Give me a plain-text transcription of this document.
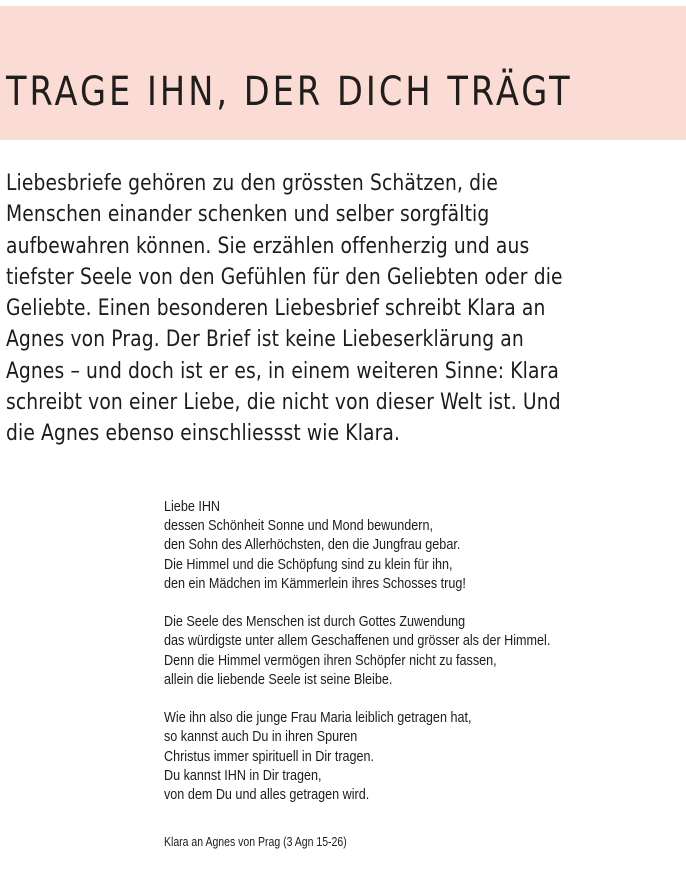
TRAGE IHN, DER DICH TRÄGT

Liebesbriefe gehören zu den grössten Schätzen, die
Menschen einander schenken und selber sorgfältig
aufbewahren können. Sie erzählen offenherzig und aus
tiefster Seele von den Gefühlen für den Geliebten oder die
Geliebte. Einen besonderen Liebesbrief schreibt Klara an
Agnes von Prag. Der Brief ist keine Liebeserklärung an
Agnes – und doch ist er es, in einem weiteren Sinne: Klara
schreibt von einer Liebe, die nicht von dieser Welt ist. Und
die Agnes ebenso einschliessst wie Klara.

Liebe IHN
dessen Schönheit Sonne und Mond bewundern,
den Sohn des Allerhöchsten, den die Jungfrau gebar.
Die Himmel und die Schöpfung sind zu klein für ihn,
den ein Mädchen im Kämmerlein ihres Schosses trug!

Die Seele des Menschen ist durch Gottes Zuwendung
das würdigste unter allem Geschaffenen und grösser als der Himmel.
Denn die Himmel vermögen ihren Schöpfer nicht zu fassen,
allein die liebende Seele ist seine Bleibe.

Wie ihn also die junge Frau Maria leiblich getragen hat,
so kannst auch Du in ihren Spuren
Christus immer spirituell in Dir tragen.
Du kannst IHN in Dir tragen,
von dem Du und alles getragen wird.

Klara an Agnes von Prag (3 Agn 15-26)
